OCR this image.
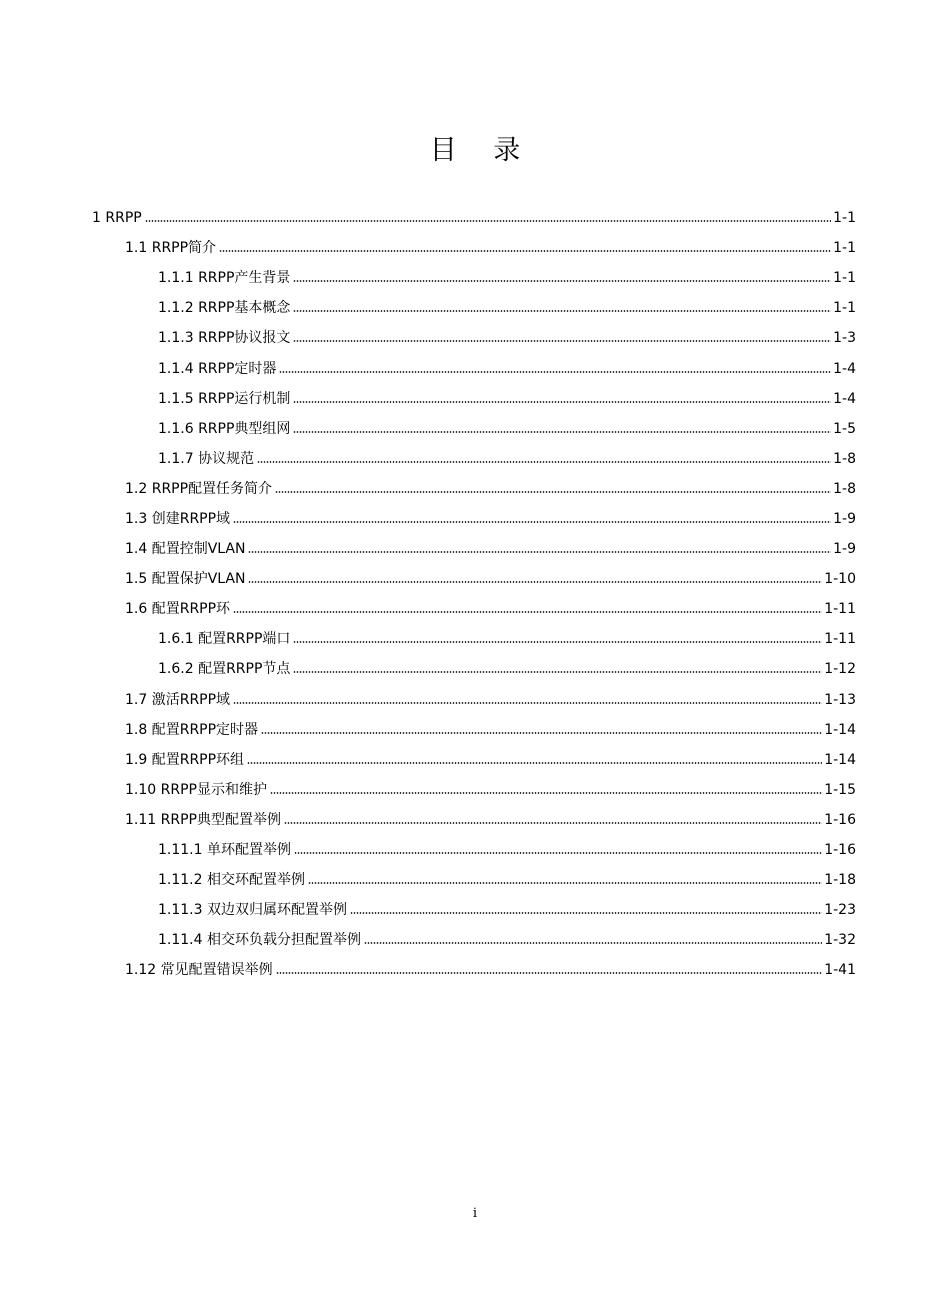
目 录
1 RRPP	1-1
1.1 RRPP简介	1-1
1.1.1 RRPP产生背景	1-1
1.1.2 RRPP基本概念	1-1
1.1.3 RRPP协议报文	1-3
1.1.4 RRPP定时器	1-4
1.1.5 RRPP运行机制	1-4
1.1.6 RRPP典型组网	1-5
1.1.7 协议规范	1-8
1.2 RRPP配置任务简介	1-8
1.3 创建RRPP域	1-9
1.4 配置控制VLAN	1-9
1.5 配置保护VLAN	1-10
1.6 配置RRPP环	1-11
1.6.1 配置RRPP端口	1-11
1.6.2 配置RRPP节点	1-12
1.7 激活RRPP域	1-13
1.8 配置RRPP定时器	1-14
1.9 配置RRPP环组	1-14
1.10 RRPP显示和维护	1-15
1.11 RRPP典型配置举例	1-16
1.11.1 单环配置举例	1-16
1.11.2 相交环配置举例	1-18
1.11.3 双边双归属环配置举例	1-23
1.11.4 相交环负载分担配置举例	1-32
1.12 常见配置错误举例	1-41
i
